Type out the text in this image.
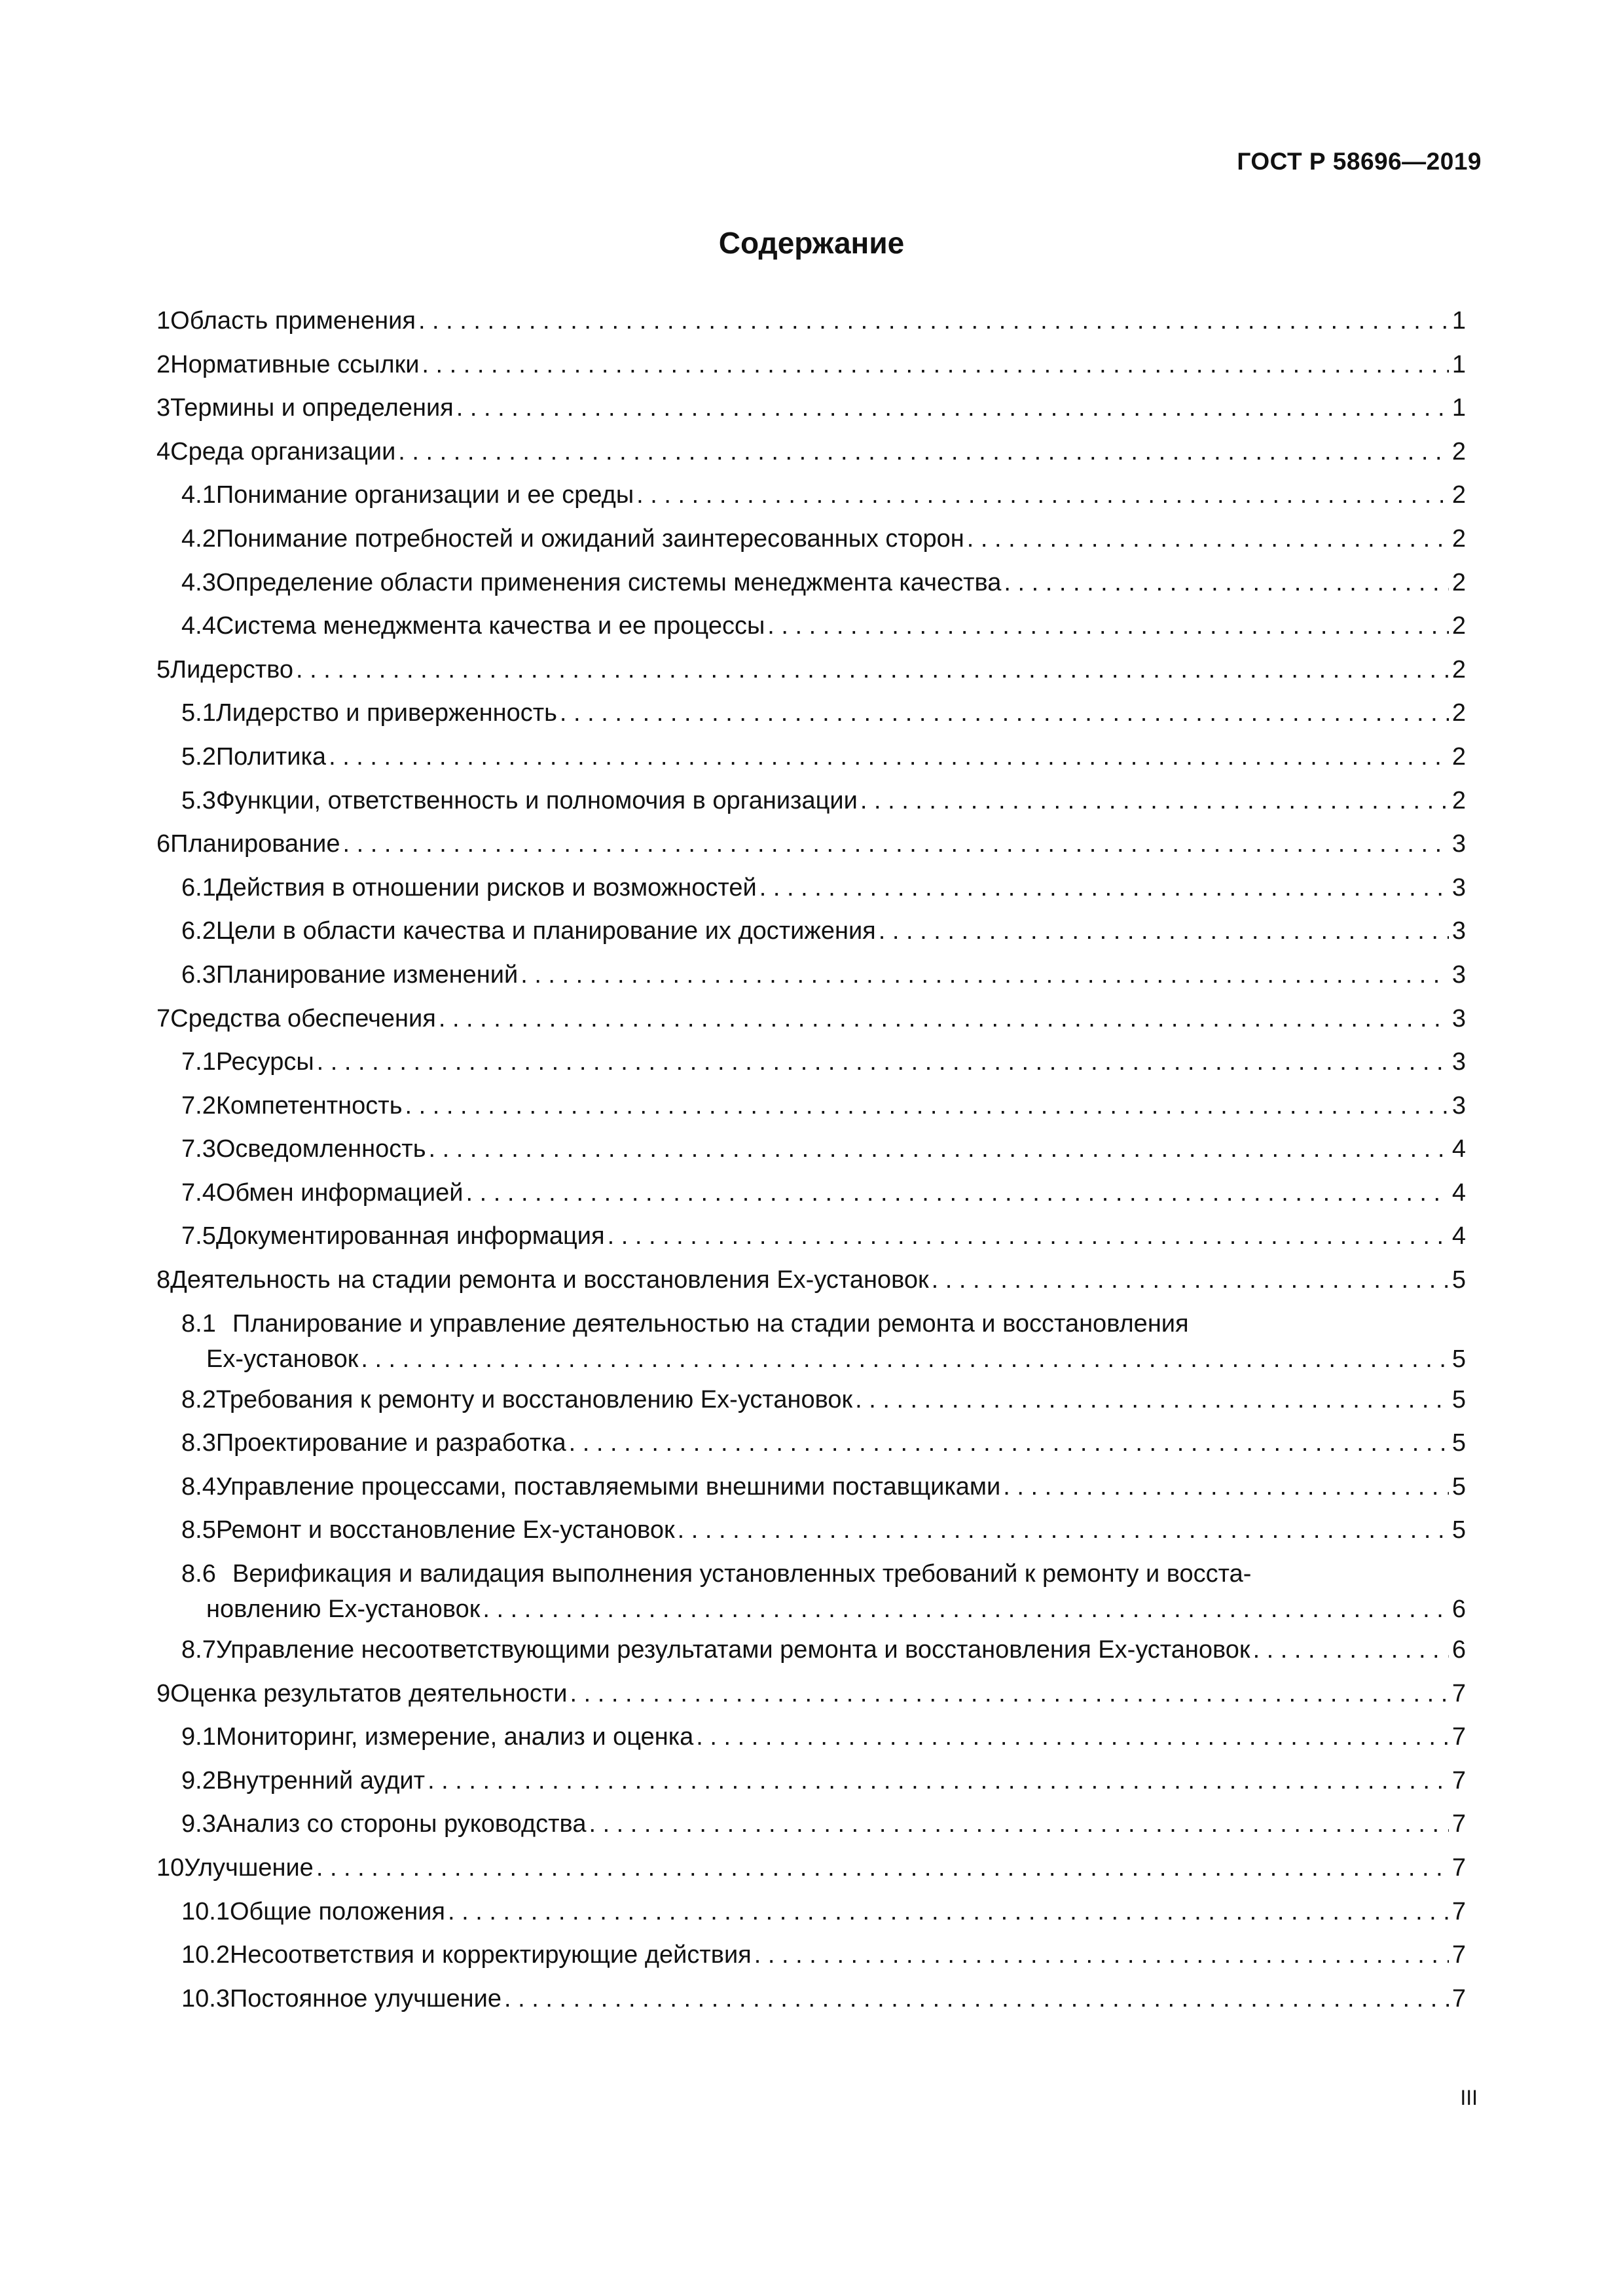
ГОСТ Р 58696—2019
Содержание
1 Область применения . . .	1
2 Нормативные ссылки . . .	1
3 Термины и определения . . .	1
4 Среда организации . . .	2
4.1 Понимание организации и ее среды . . .	2
4.2 Понимание потребностей и ожиданий заинтересованных сторон . . .	2
4.3 Определение области применения системы менеджмента качества . . .	2
4.4 Система менеджмента качества и ее процессы . . .	2
5 Лидерство . . .	2
5.1 Лидерство и приверженность . . .	2
5.2 Политика . . .	2
5.3 Функции, ответственность и полномочия в организации . . .	2
6 Планирование . . .	3
6.1 Действия в отношении рисков и возможностей . . .	3
6.2 Цели в области качества и планирование их достижения . . .	3
6.3 Планирование изменений . . .	3
7 Средства обеспечения . . .	3
7.1 Ресурсы . . .	3
7.2 Компетентность . . .	3
7.3 Осведомленность . . .	4
7.4 Обмен информацией . . .	4
7.5 Документированная информация . . .	4
8 Деятельность на стадии ремонта и восстановления Ex-установок . . .	5
8.1 Планирование и управление деятельностью на стадии ремонта и восстановления
Ex-установок . . .	5
8.2 Требования к ремонту и восстановлению Ex-установок . . .	5
8.3 Проектирование и разработка . . .	5
8.4 Управление процессами, поставляемыми внешними поставщиками . . .	5
8.5 Ремонт и восстановление Ex-установок . . .	5
8.6 Верификация и валидация выполнения установленных требований к ремонту и восста-
новлению Ex-установок . . .	6
8.7 Управление несоответствующими результатами ремонта и восстановления Ex-установок . . .	6
9 Оценка результатов деятельности . . .	7
9.1 Мониторинг, измерение, анализ и оценка . . .	7
9.2 Внутренний аудит . . .	7
9.3 Анализ со стороны руководства . . .	7
10 Улучшение . . .	7
10.1 Общие положения . . .	7
10.2 Несоответствия и корректирующие действия . . .	7
10.3 Постоянное улучшение . . .	7
III
